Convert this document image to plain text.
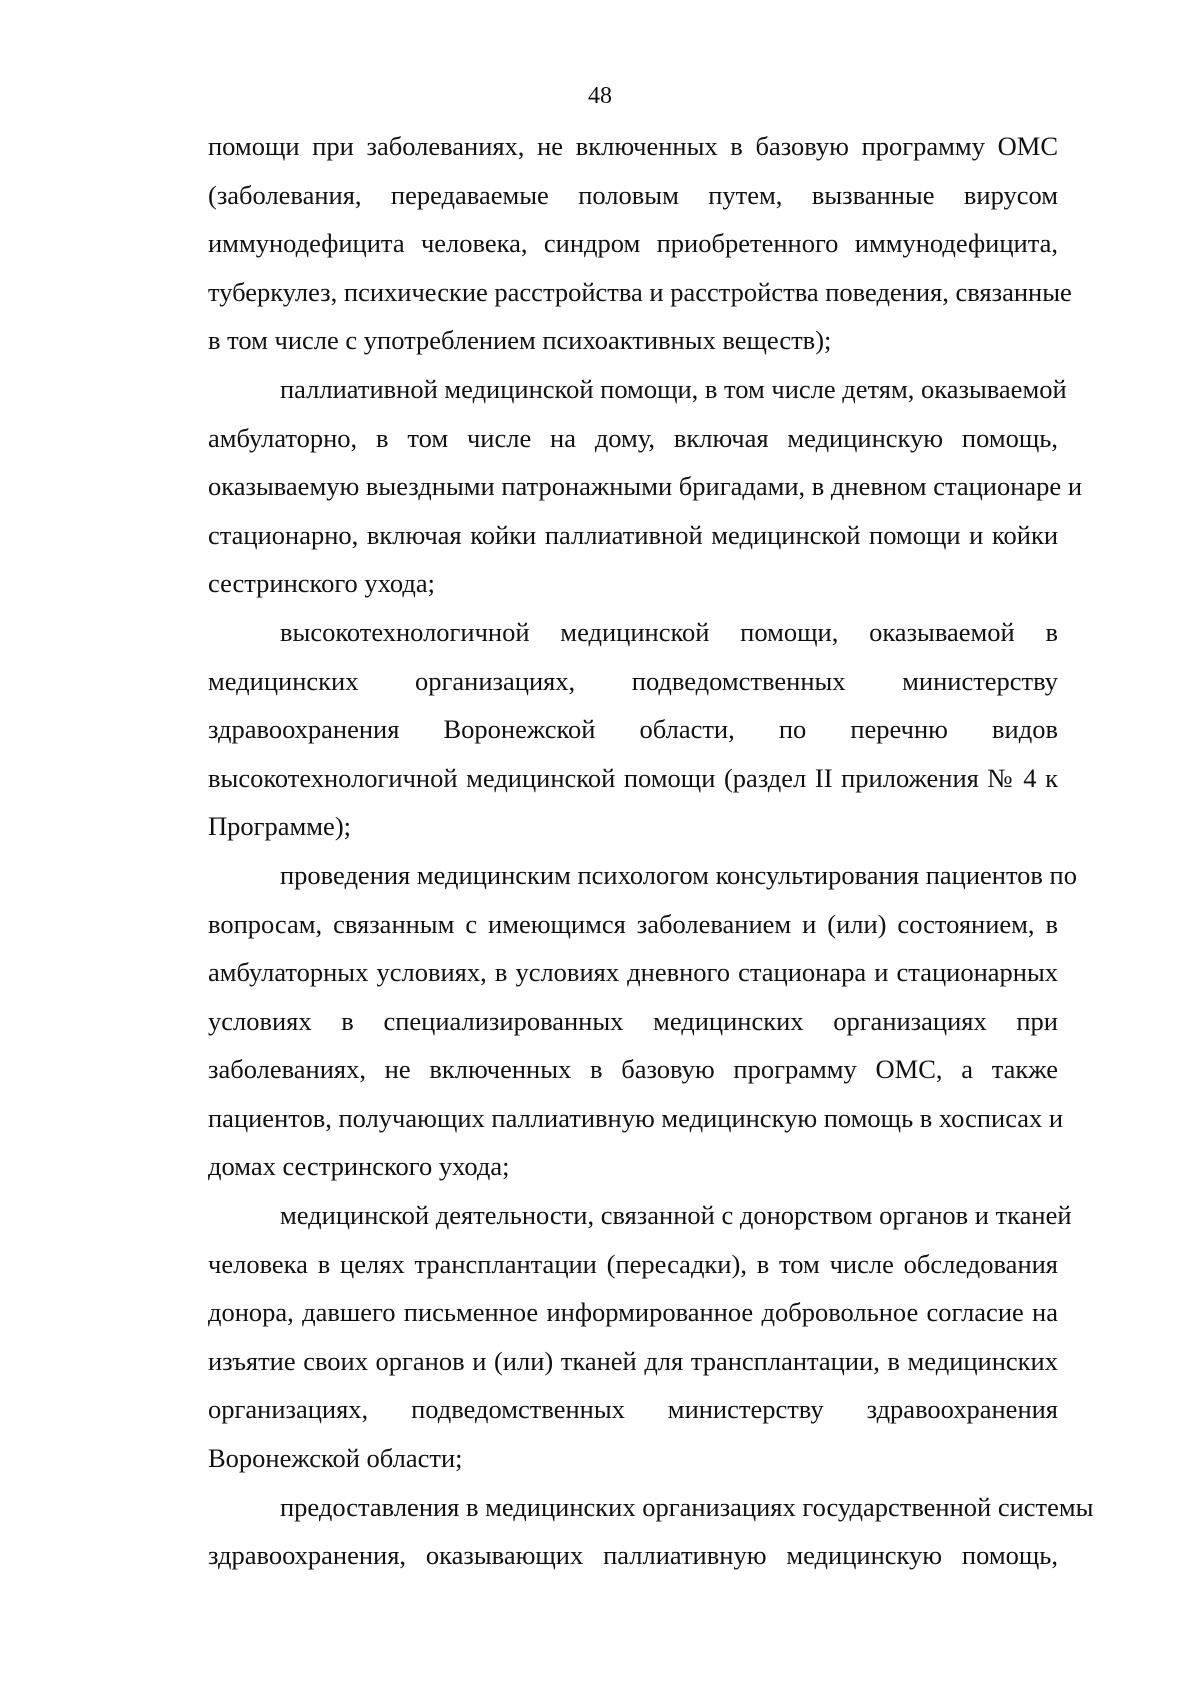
48
помощи при заболеваниях, не включенных в базовую программу ОМС
(заболевания, передаваемые половым путем, вызванные вирусом
иммунодефицита человека, синдром приобретенного иммунодефицита,
туберкулез, психические расстройства и расстройства поведения, связанные
в том числе с употреблением психоактивных веществ);
паллиативной медицинской помощи, в том числе детям, оказываемой
амбулаторно, в том числе на дому, включая медицинскую помощь,
оказываемую выездными патронажными бригадами, в дневном стационаре и
стационарно, включая койки паллиативной медицинской помощи и койки
сестринского ухода;
высокотехнологичной медицинской помощи, оказываемой в
медицинских организациях, подведомственных министерству
здравоохранения Воронежской области, по перечню видов
высокотехнологичной медицинской помощи (раздел II приложения № 4 к
Программе);
проведения медицинским психологом консультирования пациентов по
вопросам, связанным с имеющимся заболеванием и (или) состоянием, в
амбулаторных условиях, в условиях дневного стационара и стационарных
условиях в специализированных медицинских организациях при
заболеваниях, не включенных в базовую программу ОМС, а также
пациентов, получающих паллиативную медицинскую помощь в хосписах и
домах сестринского ухода;
медицинской деятельности, связанной с донорством органов и тканей
человека в целях трансплантации (пересадки), в том числе обследования
донора, давшего письменное информированное добровольное согласие на
изъятие своих органов и (или) тканей для трансплантации, в медицинских
организациях, подведомственных министерству здравоохранения
Воронежской области;
предоставления в медицинских организациях государственной системы
здравоохранения, оказывающих паллиативную медицинскую помощь,
